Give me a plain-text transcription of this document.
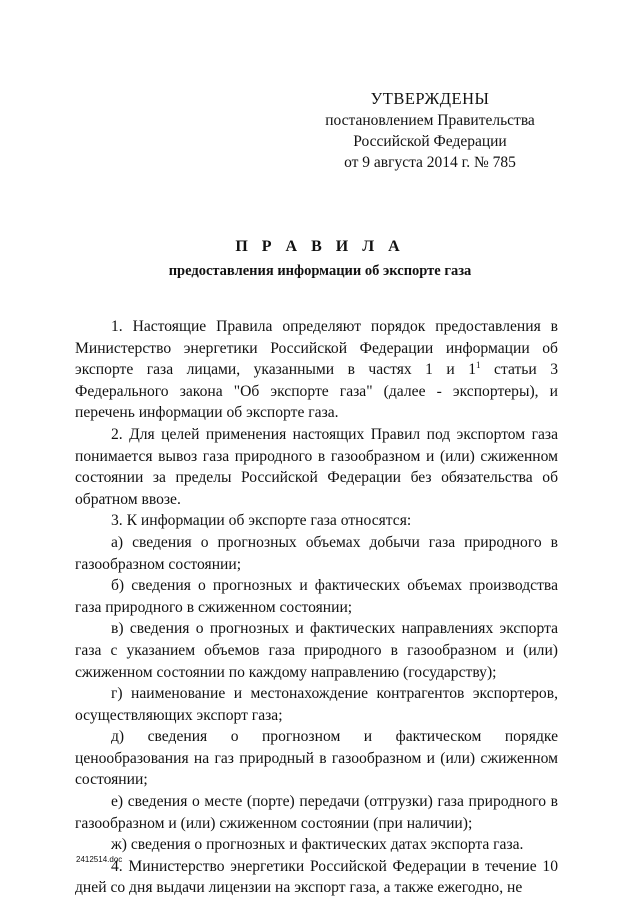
УТВЕРЖДЕНЫ
постановлением Правительства
Российской Федерации
от 9 августа 2014 г. № 785
П Р А В И Л А
предоставления информации об экспорте газа

1. Настоящие Правила определяют порядок предоставления в Министерство энергетики Российской Федерации информации об экспорте газа лицами, указанными в частях 1 и $1^1$ статьи 3 Федерального закона "Об экспорте газа" (далее - экспортеры), и перечень информации об экспорте газа.

2. Для целей применения настоящих Правил под экспортом газа понимается вывоз газа природного в газообразном и (или) сжиженном состоянии за пределы Российской Федерации без обязательства об обратном ввозе.

3. К информации об экспорте газа относятся:

а) сведения о прогнозных объемах добычи газа природного в газообразном состоянии;

б) сведения о прогнозных и фактических объемах производства газа природного в сжиженном состоянии;

в) сведения о прогнозных и фактических направлениях экспорта газа с указанием объемов газа природного в газообразном и (или) сжиженном состоянии по каждому направлению (государству);

г) наименование и местонахождение контрагентов экспортеров, осуществляющих экспорт газа;

д) сведения о прогнозном и фактическом порядке ценообразования на газ природный в газообразном и (или) сжиженном состоянии;

е) сведения о месте (порте) передачи (отгрузки) газа природного в газообразном и (или) сжиженном состоянии (при наличии);

ж) сведения о прогнозных и фактических датах экспорта газа.

4. Министерство энергетики Российской Федерации в течение 10 дней со дня выдачи лицензии на экспорт газа, а также ежегодно, не

2412514.doc
